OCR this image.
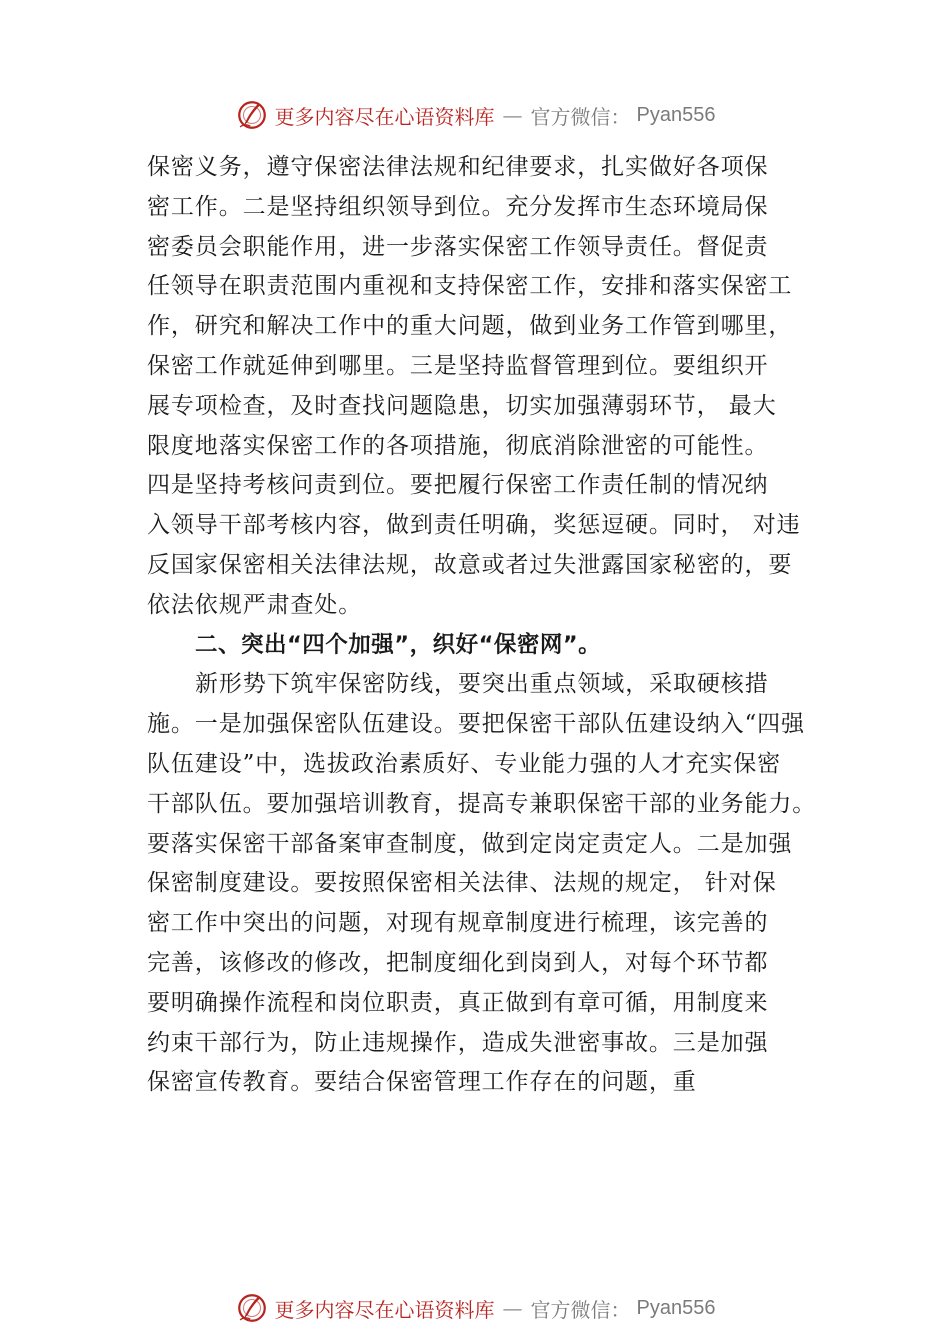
更多内容尽在心语资料库 — 官方微信： Pyan556
保密义务，遵守保密法律法规和纪律要求，扎实做好各项保
密工作。二是坚持组织领导到位。充分发挥市生态环境局保
密委员会职能作用，进一步落实保密工作领导责任。督促责
任领导在职责范围内重视和支持保密工作，安排和落实保密工
作，研究和解决工作中的重大问题，做到业务工作管到哪里，
保密工作就延伸到哪里。三是坚持监督管理到位。要组织开
展专项检查，及时查找问题隐患，切实加强薄弱环节， 最大
限度地落实保密工作的各项措施，彻底消除泄密的可能性。
四是坚持考核问责到位。要把履行保密工作责任制的情况纳
入领导干部考核内容，做到责任明确，奖惩逗硬。同时， 对违
反国家保密相关法律法规，故意或者过失泄露国家秘密的，要
依法依规严肃查处。
二、突出“四个加强”，织好“保密网”。
新形势下筑牢保密防线，要突出重点领域，采取硬核措
施。一是加强保密队伍建设。要把保密干部队伍建设纳入“四强
队伍建设”中，选拔政治素质好、专业能力强的人才充实保密
干部队伍。要加强培训教育，提高专兼职保密干部的业务能力。
要落实保密干部备案审查制度，做到定岗定责定人。二是加强
保密制度建设。要按照保密相关法律、法规的规定， 针对保
密工作中突出的问题，对现有规章制度进行梳理，该完善的
完善，该修改的修改，把制度细化到岗到人，对每个环节都
要明确操作流程和岗位职责，真正做到有章可循，用制度来
约束干部行为，防止违规操作，造成失泄密事故。三是加强
保密宣传教育。要结合保密管理工作存在的问题，重
更多内容尽在心语资料库 — 官方微信： Pyan556
